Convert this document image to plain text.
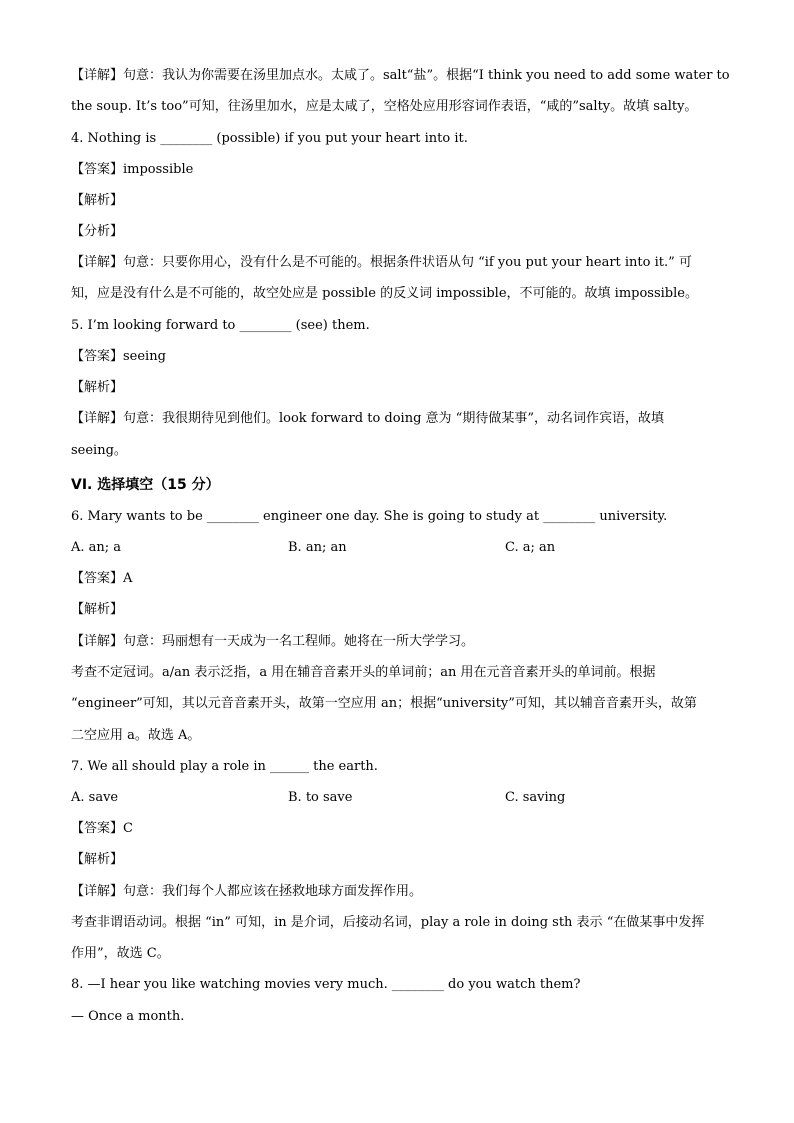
【详解】句意：我认为你需要在汤里加点水。太咸了。salt“盐”。根据“I think you need to add some water to
the soup. It’s too”可知，往汤里加水，应是太咸了，空格处应用形容词作表语，“咸的”salty。故填 salty。
4. Nothing is ________ (possible) if you put your heart into it.
【答案】impossible
【解析】
【分析】
【详解】句意：只要你用心，没有什么是不可能的。根据条件状语从句 “if you put your heart into it.” 可
知，应是没有什么是不可能的，故空处应是 possible 的反义词 impossible，不可能的。故填 impossible。
5. I’m looking forward to ________ (see) them.
【答案】seeing
【解析】
【详解】句意：我很期待见到他们。look forward to doing 意为 “期待做某事”，动名词作宾语，故填
seeing。
VI. 选择填空（15 分）
6. Mary wants to be ________ engineer one day. She is going to study at ________ university.
A. an; a	B. an; an	C. a; an
【答案】A
【解析】
【详解】句意：玛丽想有一天成为一名工程师。她将在一所大学学习。
考查不定冠词。a/an 表示泛指，a 用在辅音音素开头的单词前；an 用在元音音素开头的单词前。根据
“engineer”可知，其以元音音素开头，故第一空应用 an；根据“university”可知，其以辅音音素开头，故第
二空应用 a。故选 A。
7. We all should play a role in ______ the earth.
A. save	B. to save	C. saving
【答案】C
【解析】
【详解】句意：我们每个人都应该在拯救地球方面发挥作用。
考查非谓语动词。根据 “in” 可知，in 是介词，后接动名词，play a role in doing sth 表示 “在做某事中发挥
作用”，故选 C。
8. —I hear you like watching movies very much. ________ do you watch them?
— Once a month.
